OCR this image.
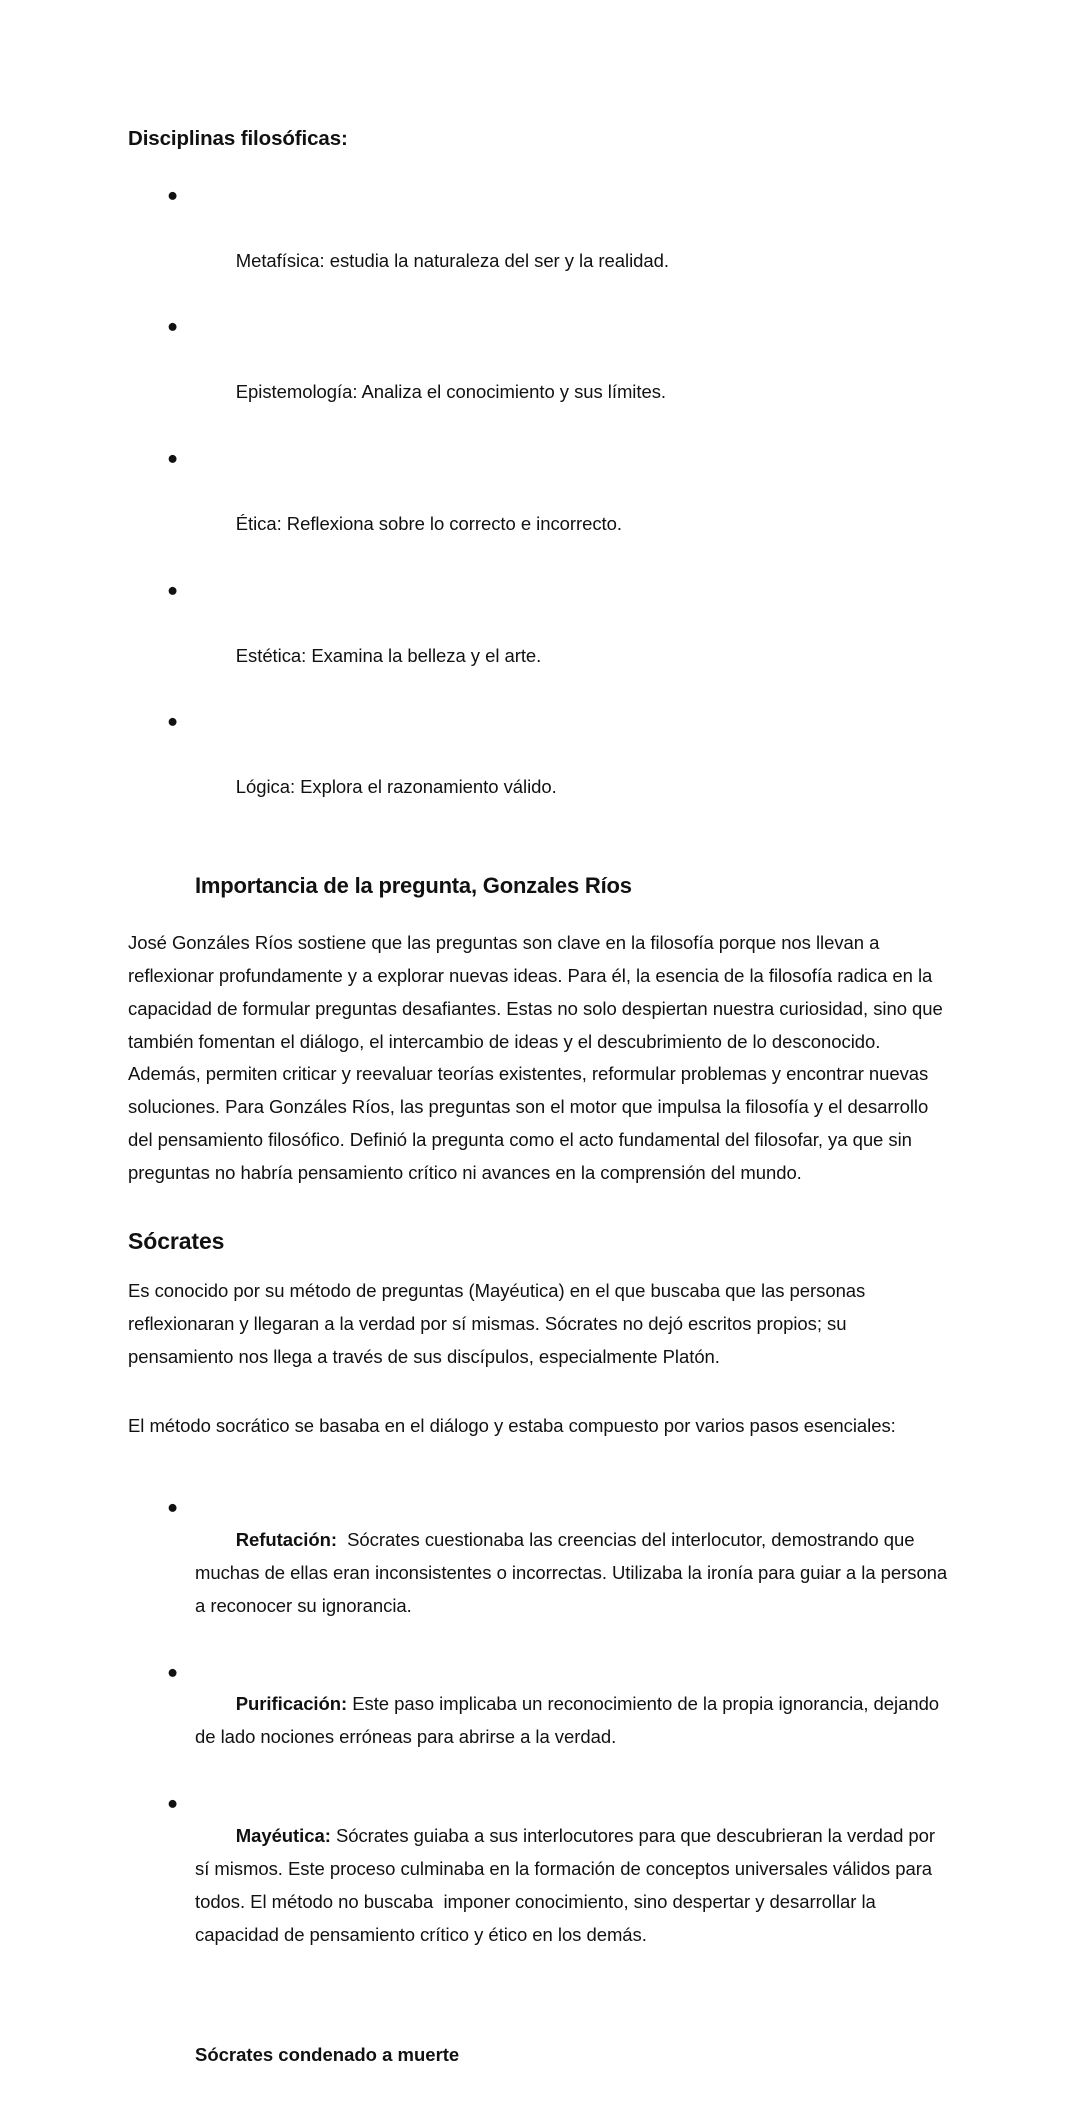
Disciplinas filosóficas:

●

Metafísica: estudia la naturaleza del ser y la realidad.

●

Epistemología: Analiza el conocimiento y sus límites.

●

Ética: Reflexiona sobre lo correcto e incorrecto.

●

Estética: Examina la belleza y el arte.

●

Lógica: Explora el razonamiento válido.

Importancia de la pregunta, Gonzales Ríos

José Gonzáles Ríos sostiene que las preguntas son clave en la filosofía porque nos llevan a reflexionar profundamente y a explorar nuevas ideas. Para él, la esencia de la filosofía radica en la capacidad de formular preguntas desafiantes. Estas no solo despiertan nuestra curiosidad, sino que también fomentan el diálogo, el intercambio de ideas y el descubrimiento de lo desconocido. Además, permiten criticar y reevaluar teorías existentes, reformular problemas y encontrar nuevas soluciones. Para Gonzáles Ríos, las preguntas son el motor que impulsa la filosofía y el desarrollo del pensamiento filosófico. Definió la pregunta como el acto fundamental del filosofar, ya que sin preguntas no habría pensamiento crítico ni avances en la comprensión del mundo.

Sócrates

Es conocido por su método de preguntas (Mayéutica) en el que buscaba que las personas reflexionaran y llegaran a la verdad por sí mismas. Sócrates no dejó escritos propios; su pensamiento nos llega a través de sus discípulos, especialmente Platón.

El método socrático se basaba en el diálogo y estaba compuesto por varios pasos esenciales:

●
Refutación:  Sócrates cuestionaba las creencias del interlocutor, demostrando que muchas de ellas eran inconsistentes o incorrectas. Utilizaba la ironía para guiar a la persona a reconocer su ignorancia.

●
Purificación: Este paso implicaba un reconocimiento de la propia ignorancia, dejando de lado nociones erróneas para abrirse a la verdad.

●
Mayéutica: Sócrates guiaba a sus interlocutores para que descubrieran la verdad por sí mismos. Este proceso culminaba en la formación de conceptos universales válidos para todos. El método no buscaba  imponer conocimiento, sino despertar y desarrollar la capacidad de pensamiento crítico y ético en los demás.

Sócrates condenado a muerte
